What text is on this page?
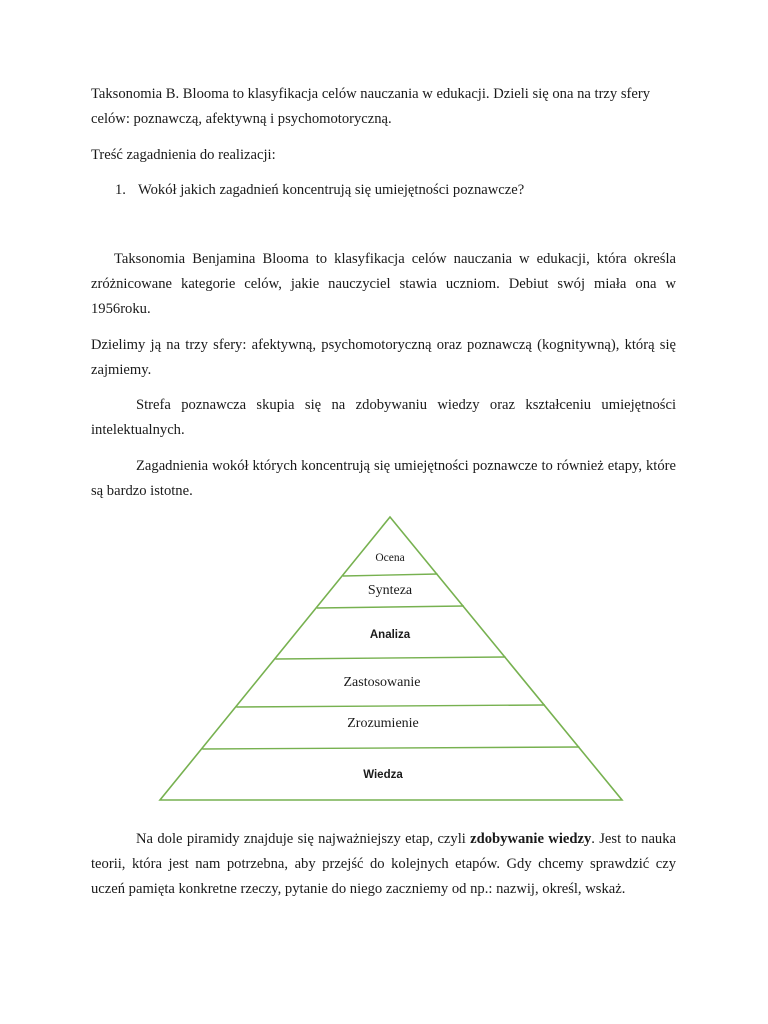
Taksonomia B. Blooma to klasyfikacja celów nauczania w edukacji. Dzieli się ona na trzy sfery
celów: poznawczą, afektywną i psychomotoryczną.

Treść zagadnienia do realizacji:

1. Wokół jakich zagadnień koncentrują się umiejętności poznawcze?

Taksonomia Benjamina Blooma to klasyfikacja celów nauczania w edukacji, która określa zróżnicowane kategorie celów, jakie nauczyciel stawia uczniom. Debiut swój miała ona w 1956roku.

Dzielimy ją na trzy sfery: afektywną, psychomotoryczną oraz poznawczą (kognitywną), którą się zajmiemy.

Strefa poznawcza skupia się na zdobywaniu wiedzy oraz kształceniu umiejętności intelektualnych.

Zagadnienia wokół których koncentrują się umiejętności poznawcze to również etapy, które są bardzo istotne.

Ocena
Synteza
Analiza
Zastosowanie
Zrozumienie
Wiedza

Na dole piramidy znajduje się najważniejszy etap, czyli zdobywanie wiedzy. Jest to nauka teorii, która jest nam potrzebna, aby przejść do kolejnych etapów. Gdy chcemy sprawdzić czy uczeń pamięta konkretne rzeczy, pytanie do niego zaczniemy od np.: nazwij, określ, wskaż.
